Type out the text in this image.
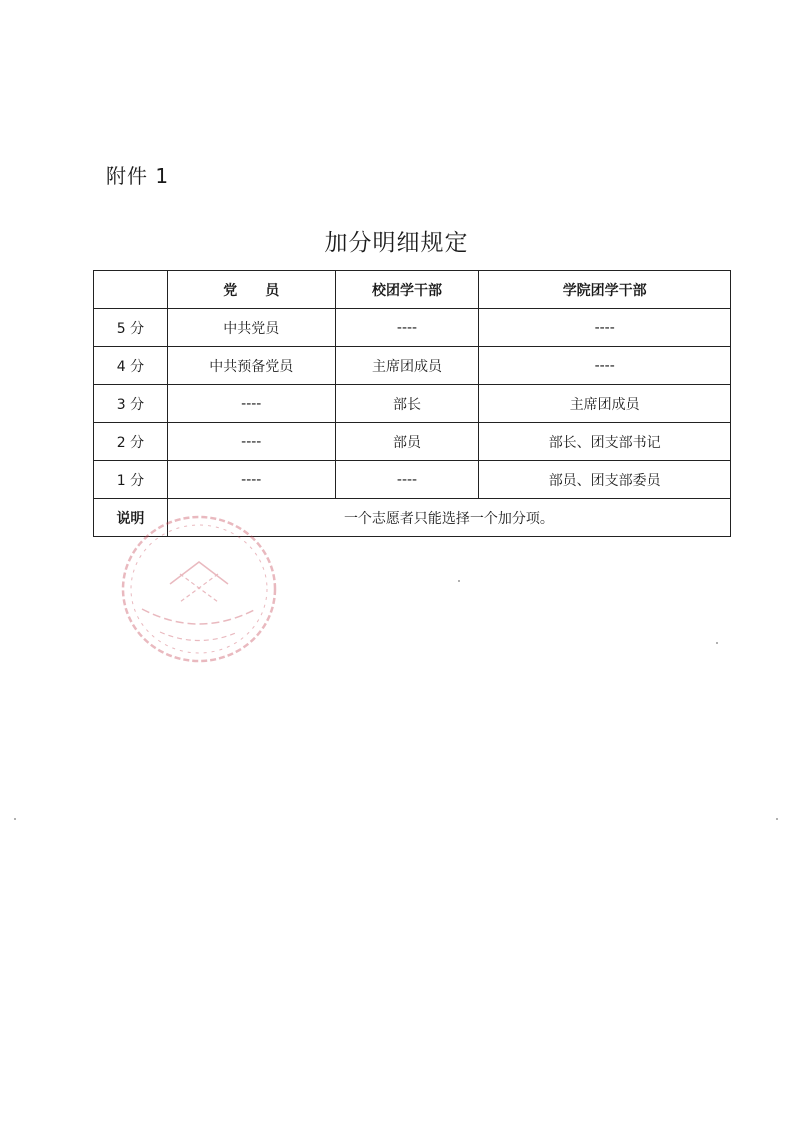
附件 1
加分明细规定
	党　　员	校团学干部	学院团学干部
5 分	中共党员	----	----
4 分	中共预备党员	主席团成员	----
3 分	----	部长	主席团成员
2 分	----	部员	部长、团支部书记
1 分	----	----	部员、团支部委员
说明	一个志愿者只能选择一个加分项。		
